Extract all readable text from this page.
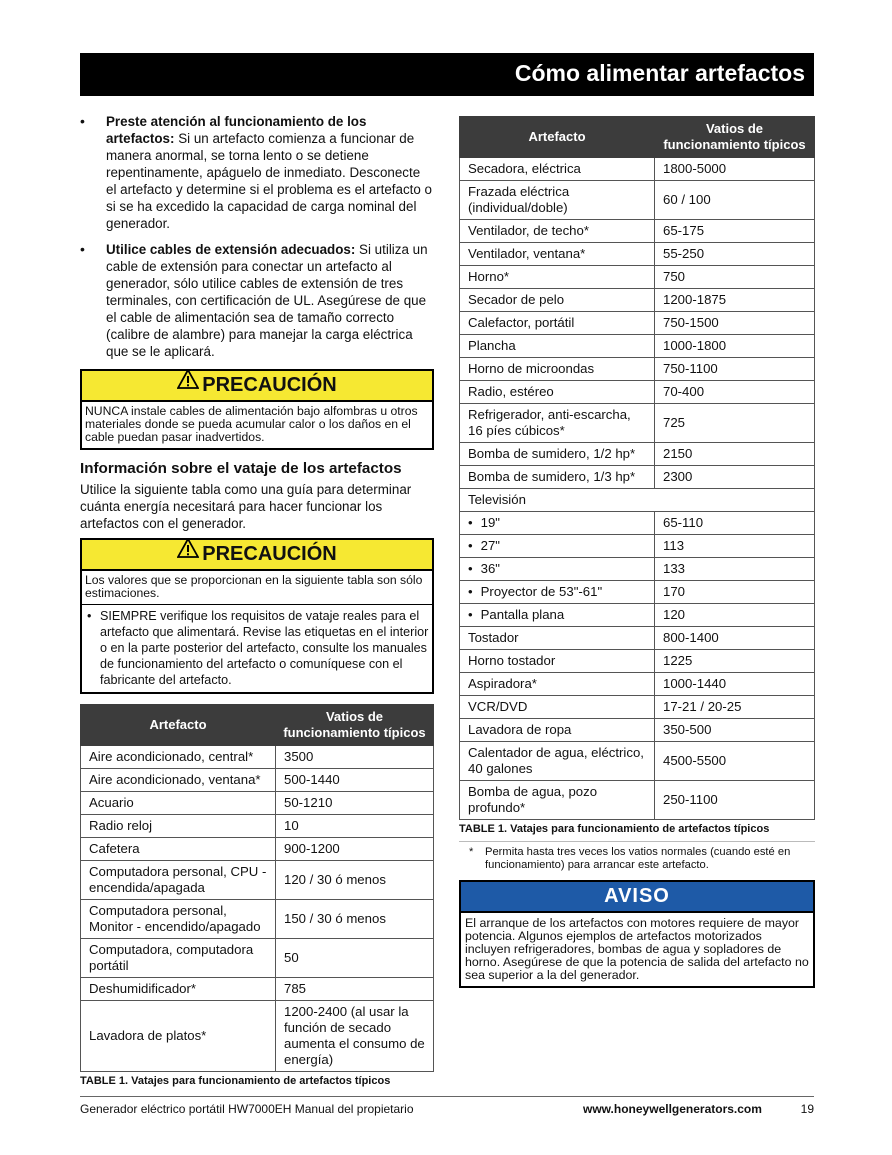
Cómo alimentar artefactos
• Preste atención al funcionamiento de los artefactos: Si un artefacto comienza a funcionar de manera anormal, se torna lento o se detiene repentinamente, apáguelo de inmediato. Desconecte el artefacto y determine si el problema es el artefacto o si se ha excedido la capacidad de carga nominal del generador.
• Utilice cables de extensión adecuados: Si utiliza un cable de extensión para conectar un artefacto al generador, sólo utilice cables de extensión de tres terminales, con certificación de UL. Asegúrese de que el cable de alimentación sea de tamaño correcto (calibre de alambre) para manejar la carga eléctrica que se le aplicará.
PRECAUCIÓN
NUNCA instale cables de alimentación bajo alfombras u otros materiales donde se pueda acumular calor o los daños en el cable puedan pasar inadvertidos.
Información sobre el vataje de los artefactos

Utilice la siguiente tabla como una guía para determinar cuánta energía necesitará para hacer funcionar los artefactos con el generador.

PRECAUCIÓN
Los valores que se proporcionan en la siguiente tabla son sólo estimaciones.
• SIEMPRE verifique los requisitos de vataje reales para el artefacto que alimentará. Revise las etiquetas en el interior o en la parte posterior del artefacto, consulte los manuales de funcionamiento del artefacto o comuníquese con el fabricante del artefacto.
Artefacto	Vatios de funcionamiento típicos
Aire acondicionado, central*	3500
Aire acondicionado, ventana*	500-1440
Acuario	50-1210
Radio reloj	10
Cafetera	900-1200
Computadora personal, CPU - encendida/apagada	120 / 30 ó menos
Computadora personal, Monitor - encendido/apagado	150 / 30 ó menos
Computadora, computadora portátil	50
Deshumidificador*	785
Lavadora de platos*	1200-2400 (al usar la función de secado aumenta el consumo de energía)
TABLE 1. Vatajes para funcionamiento de artefactos típicos
Artefacto	Vatios de funcionamiento típicos
Secadora, eléctrica	1800-5000
Frazada eléctrica (individual/doble)	60 / 100
Ventilador, de techo*	65-175
Ventilador, ventana*	55-250
Horno*	750
Secador de pelo	1200-1875
Calefactor, portátil	750-1500
Plancha	1000-1800
Horno de microondas	750-1100
Radio, estéreo	70-400
Refrigerador, anti-escarcha, 16 píes cúbicos*	725
Bomba de sumidero, 1/2 hp*	2150
Bomba de sumidero, 1/3 hp*	2300
Televisión	
• 19"	65-110
• 27"	113
• 36"	133
• Proyector de 53"-61"	170
• Pantalla plana	120
Tostador	800-1400
Horno tostador	1225
Aspiradora*	1000-1440
VCR/DVD	17-21 / 20-25
Lavadora de ropa	350-500
Calentador de agua, eléctrico, 40 galones	4500-5500
Bomba de agua, pozo profundo*	250-1100
TABLE 1. Vatajes para funcionamiento de artefactos típicos
* Permita hasta tres veces los vatios normales (cuando esté en funcionamiento) para arrancar este artefacto.
AVISO
El arranque de los artefactos con motores requiere de mayor potencia. Algunos ejemplos de artefactos motorizados incluyen refrigeradores, bombas de agua y sopladores de horno. Asegúrese de que la potencia de salida del artefacto no sea superior a la del generador.
Generador eléctrico portátil HW7000EH Manual del propietario	www.honeywellgenerators.com	19
